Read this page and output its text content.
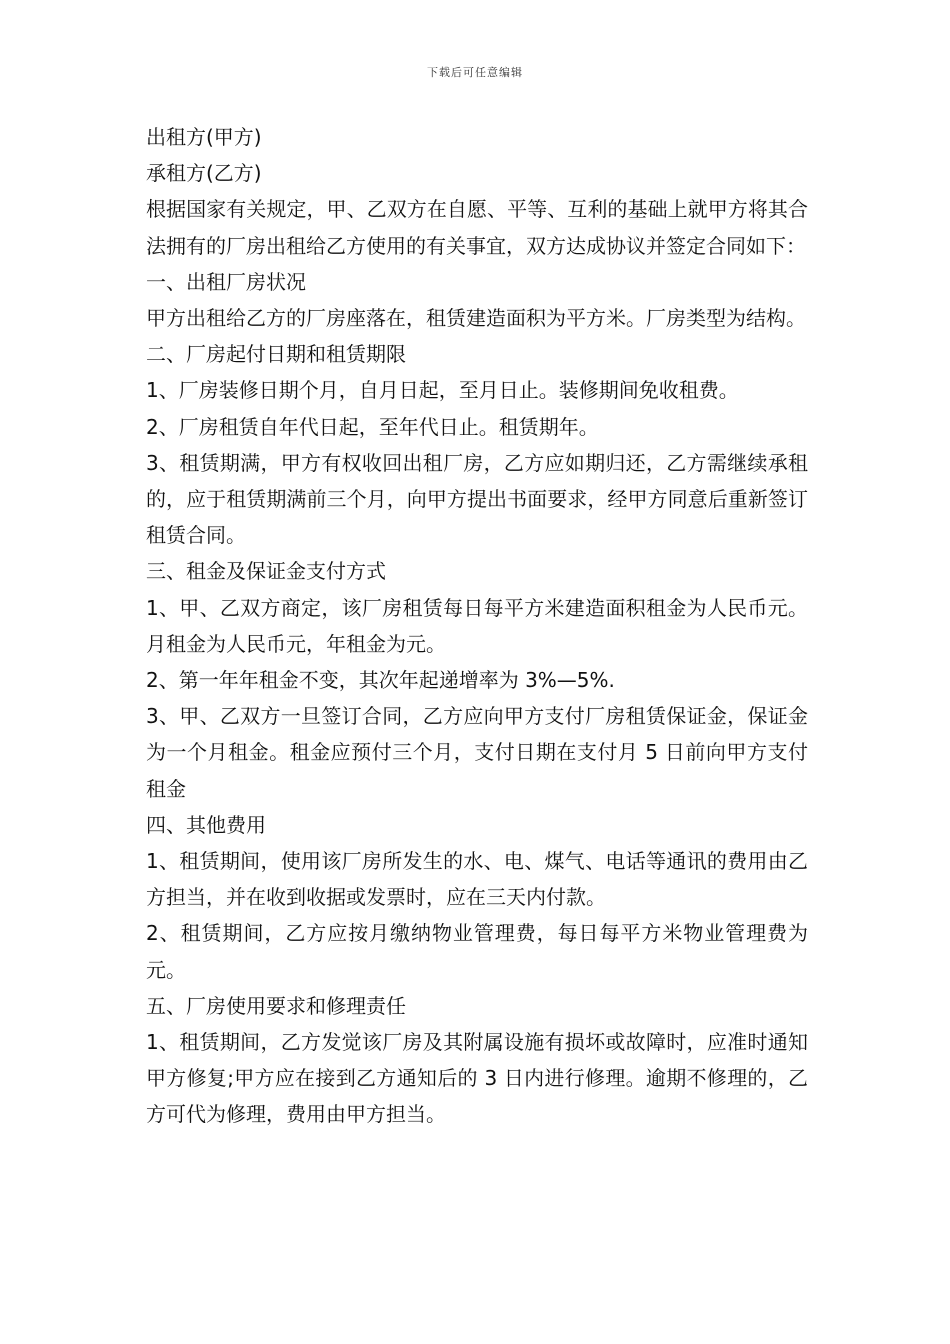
下载后可任意编辑

出租方(甲方)

承租方(乙方)

根据国家有关规定，甲、乙双方在自愿、平等、互利的基础上就甲方将其合法拥有的厂房出租给乙方使用的有关事宜，双方达成协议并签定合同如下：

一、出租厂房状况

甲方出租给乙方的厂房座落在，租赁建造面积为平方米。厂房类型为结构。

二、厂房起付日期和租赁期限

1、厂房装修日期个月，自月日起，至月日止。装修期间免收租费。

2、厂房租赁自年代日起，至年代日止。租赁期年。

3、租赁期满，甲方有权收回出租厂房，乙方应如期归还，乙方需继续承租的，应于租赁期满前三个月，向甲方提出书面要求，经甲方同意后重新签订租赁合同。

三、租金及保证金支付方式

1、甲、乙双方商定，该厂房租赁每日每平方米建造面积租金为人民币元。月租金为人民币元，年租金为元。

2、第一年年租金不变，其次年起递增率为 3%—5%.

3、甲、乙双方一旦签订合同，乙方应向甲方支付厂房租赁保证金，保证金为一个月租金。租金应预付三个月，支付日期在支付月 5 日前向甲方支付租金

四、其他费用

1、租赁期间，使用该厂房所发生的水、电、煤气、电话等通讯的费用由乙方担当，并在收到收据或发票时，应在三天内付款。

2、租赁期间，乙方应按月缴纳物业管理费，每日每平方米物业管理费为元。

五、厂房使用要求和修理责任

1、租赁期间，乙方发觉该厂房及其附属设施有损坏或故障时，应准时通知甲方修复;甲方应在接到乙方通知后的 3 日内进行修理。逾期不修理的，乙方可代为修理，费用由甲方担当。
